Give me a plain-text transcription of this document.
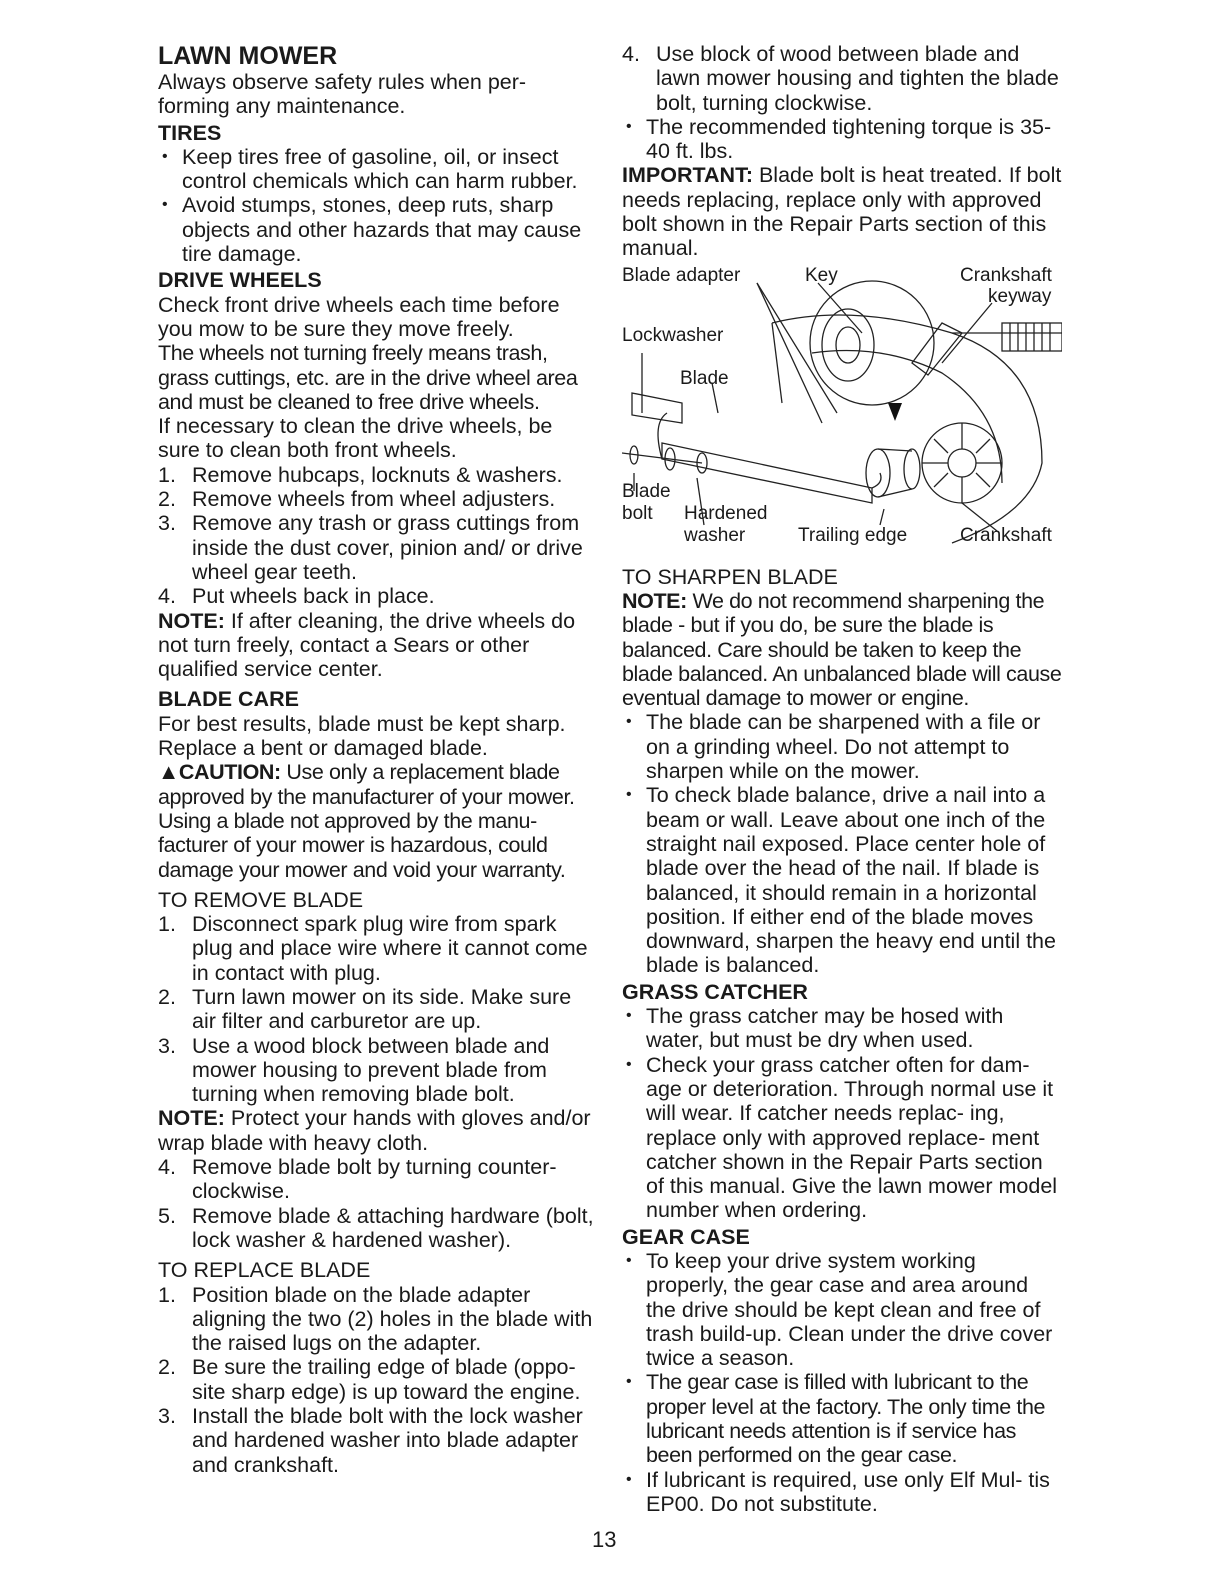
LAWN MOWER

Always observe safety rules when per- forming any maintenance.

TIRES
• Keep tires free of gasoline, oil, or insect control chemicals which can harm rubber.
• Avoid stumps, stones, deep ruts, sharp objects and other hazards that may cause tire damage.
DRIVE WHEELS

Check front drive wheels each time before you mow to be sure they move freely.

The wheels not turning freely means trash, grass cuttings, etc. are in the drive wheel area and must be cleaned to free drive wheels.

If necessary to clean the drive wheels, be sure to clean both front wheels.

1. Remove hubcaps, locknuts & washers.
2. Remove wheels from wheel adjusters.
3. Remove any trash or grass cuttings from inside the dust cover, pinion and/ or drive wheel gear teeth.
4. Put wheels back in place.

NOTE: If after cleaning, the drive wheels do not turn freely, contact a Sears or other qualified service center.

BLADE CARE

For best results, blade must be kept sharp. Replace a bent or damaged blade.

▲CAUTION: Use only a replacement blade approved by the manufacturer of your mower. Using a blade not approved by the manu- facturer of your mower is hazardous, could damage your mower and void your warranty.

TO REMOVE BLADE
1. Disconnect spark plug wire from spark plug and place wire where it cannot come in contact with plug.
2. Turn lawn mower on its side. Make sure air filter and carburetor are up.
3. Use a wood block between blade and mower housing to prevent blade from turning when removing blade bolt.

NOTE: Protect your hands with gloves and/or wrap blade with heavy cloth.

4. Remove blade bolt by turning counter- clockwise.
5. Remove blade & attaching hardware (bolt, lock washer & hardened washer).
TO REPLACE BLADE
1. Position blade on the blade adapter aligning the two (2) holes in the blade with the raised lugs on the adapter.
2. Be sure the trailing edge of blade (oppo- site sharp edge) is up toward the engine.
3. Install the blade bolt with the lock washer and hardened washer into blade adapter and crankshaft.
4. Use block of wood between blade and lawn mower housing and tighten the blade bolt, turning clockwise.
• The recommended tightening torque is 35-40 ft. lbs.

IMPORTANT: Blade bolt is heat treated. If bolt needs replacing, replace only with approved bolt shown in the Repair Parts section of this manual.

Blade adapter	Key	Crankshaft
keyway
Lockwasher
Blade
Blade
bolt Hardened
washer	Trailing edge	Crankshaft
TO SHARPEN BLADE

NOTE: We do not recommend sharpening the blade - but if you do, be sure the blade is balanced. Care should be taken to keep the blade balanced. An unbalanced blade will cause eventual damage to mower or engine.

• The blade can be sharpened with a file or on a grinding wheel. Do not attempt to sharpen while on the mower.
• To check blade balance, drive a nail into a beam or wall. Leave about one inch of the straight nail exposed. Place center hole of blade over the head of the nail. If blade is balanced, it should remain in a horizontal position. If either end of the blade moves downward, sharpen the heavy end until the blade is balanced.
GRASS CATCHER
• The grass catcher may be hosed with water, but must be dry when used.
• Check your grass catcher often for dam- age or deterioration. Through normal use it will wear. If catcher needs replac- ing, replace only with approved replace- ment catcher shown in the Repair Parts section of this manual. Give the lawn mower model number when ordering.
GEAR CASE
• To keep your drive system working properly, the gear case and area around the drive should be kept clean and free of trash build-up. Clean under the drive cover twice a season.
• The gear case is filled with lubricant to the proper level at the factory. The only time the lubricant needs attention is if service has been performed on the gear case.
• If lubricant is required, use only Elf Mul- tis EP00. Do not substitute.
13
